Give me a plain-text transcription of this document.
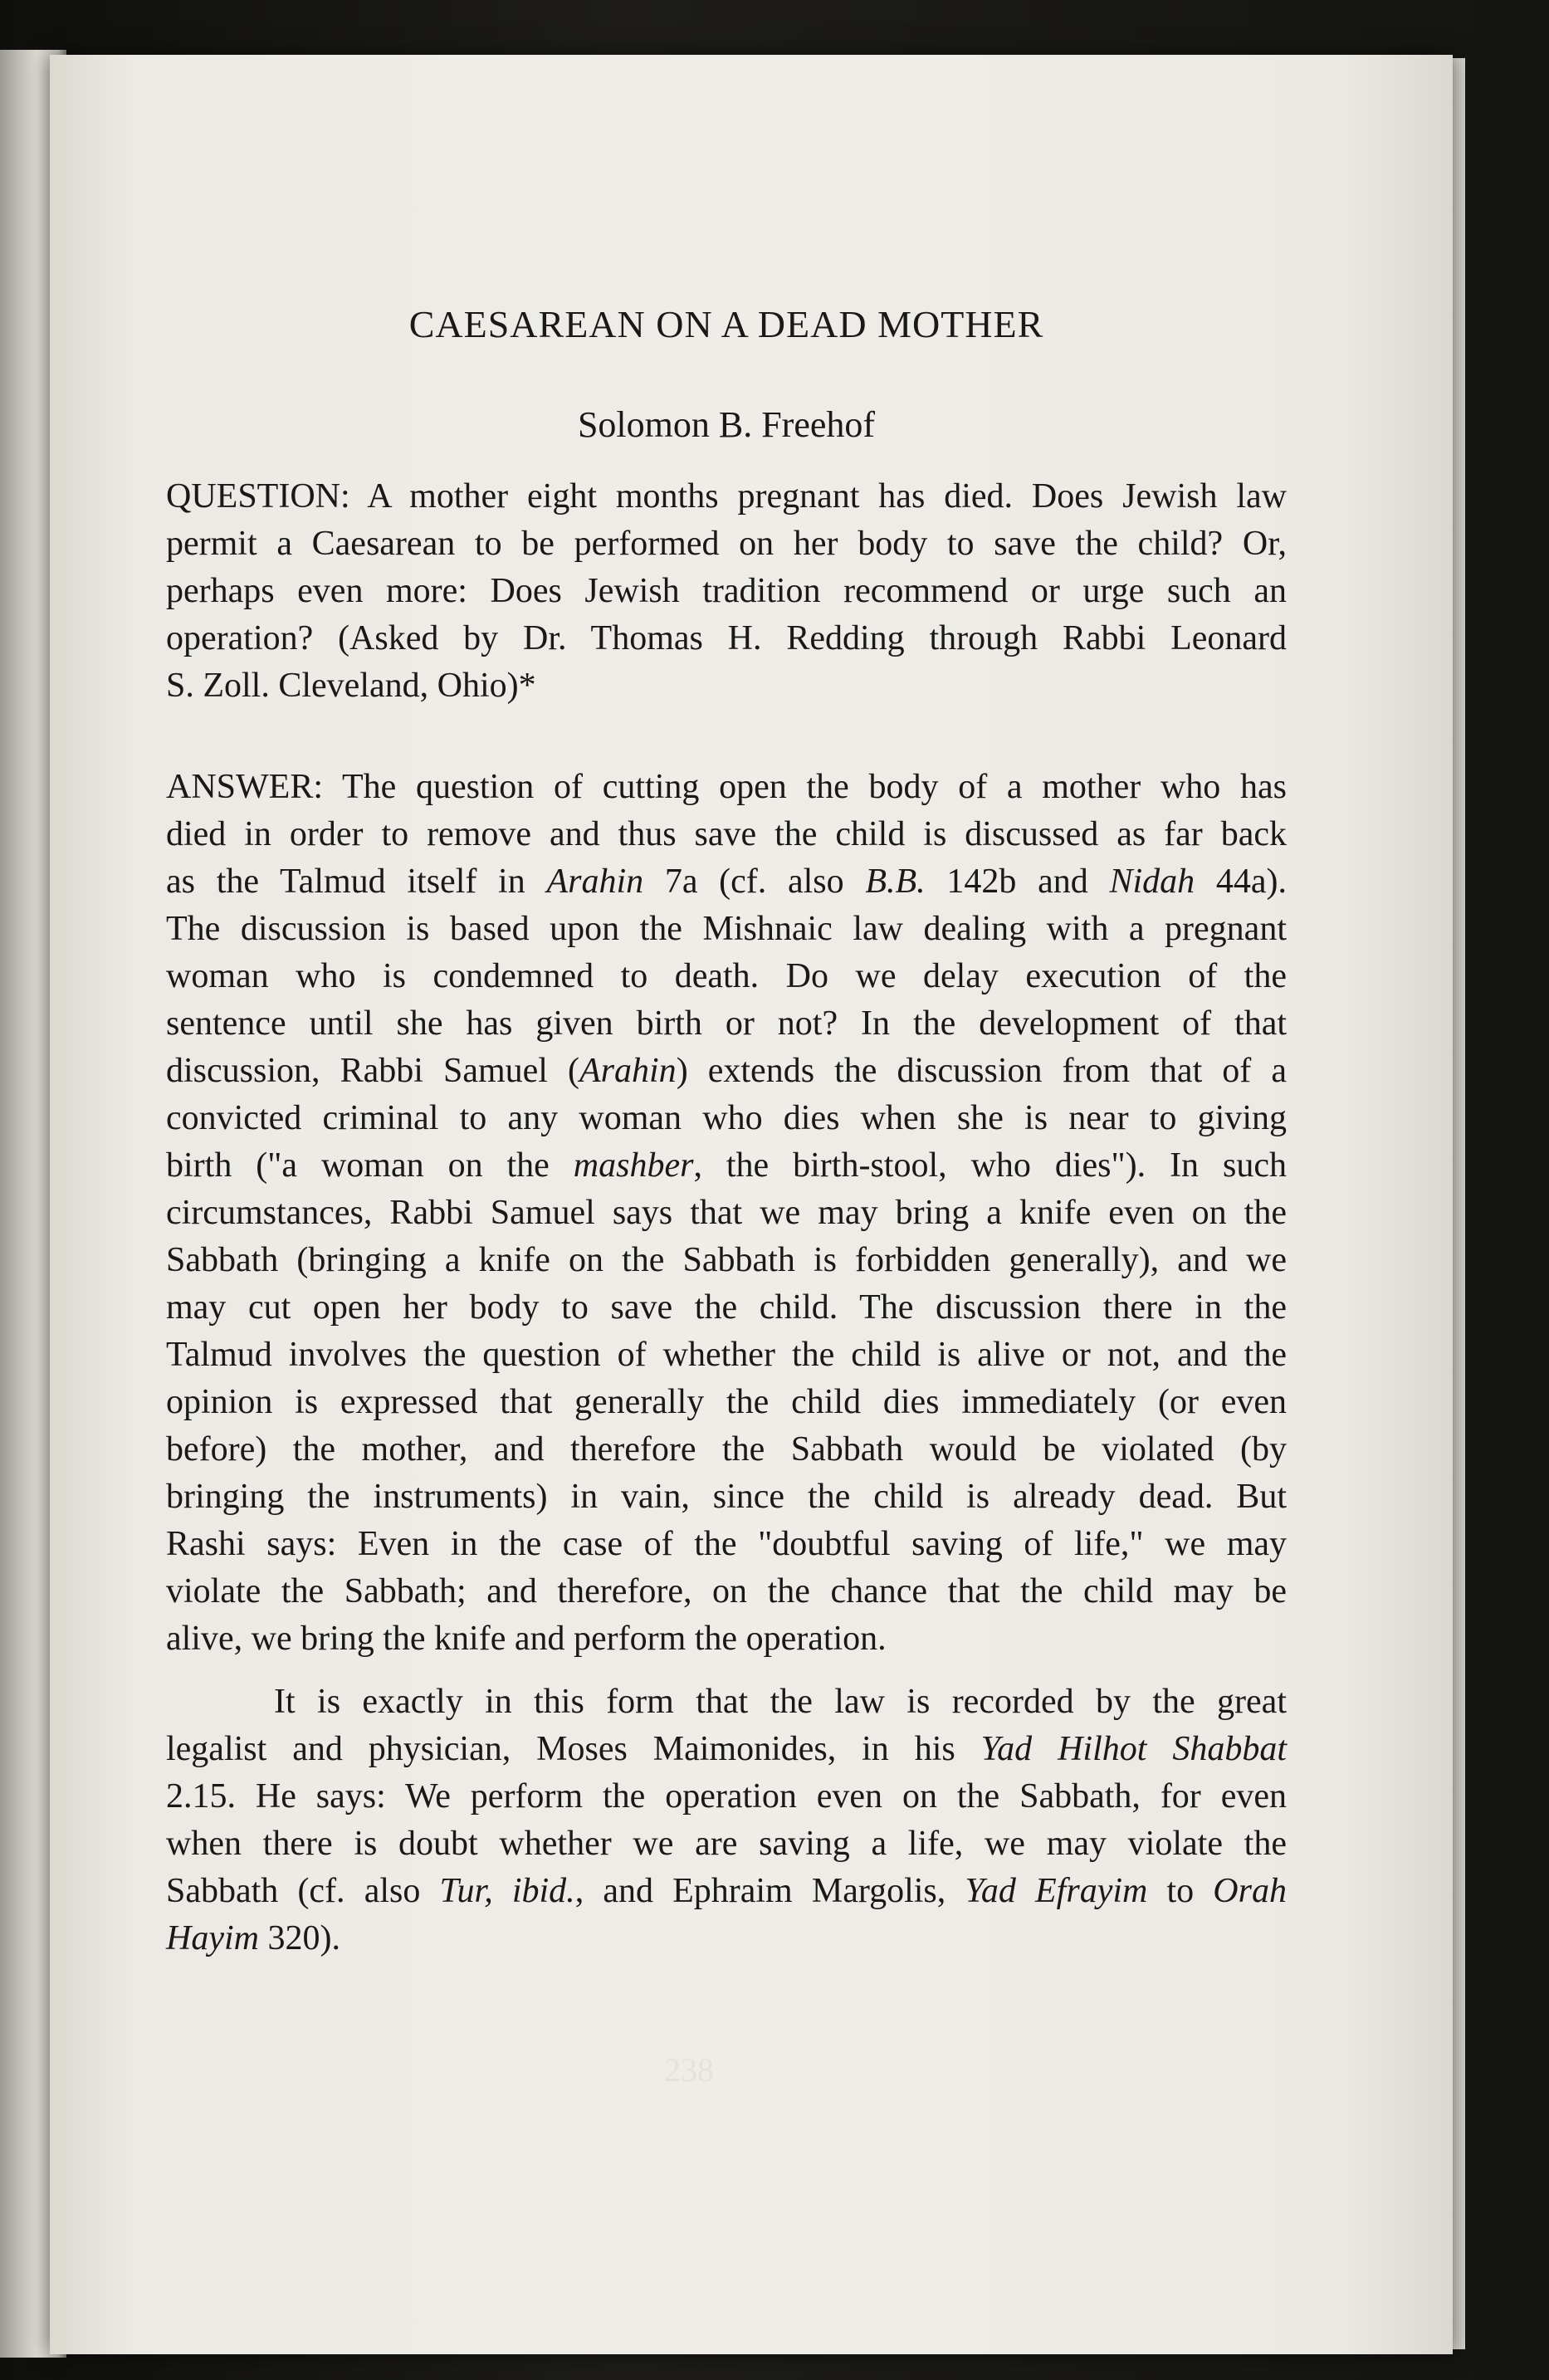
238
CAESAREAN ON A DEAD MOTHER
Solomon B. Freehof
QUESTION: A mother eight months pregnant has died. Does Jewish law
permit a Caesarean to be performed on her body to save the child? Or,
perhaps even more: Does Jewish tradition recommend or urge such an
operation? (Asked by Dr. Thomas H. Redding through Rabbi Leonard
S. Zoll. Cleveland, Ohio)*
ANSWER: The question of cutting open the body of a mother who has
died in order to remove and thus save the child is discussed as far back
as the Talmud itself in Arahin 7a (cf. also B.B. 142b and Nidah 44a).
The discussion is based upon the Mishnaic law dealing with a pregnant
woman who is condemned to death. Do we delay execution of the
sentence until she has given birth or not? In the development of that
discussion, Rabbi Samuel (Arahin) extends the discussion from that of a
convicted criminal to any woman who dies when she is near to giving
birth ("a woman on the mashber, the birth-stool, who dies"). In such
circumstances, Rabbi Samuel says that we may bring a knife even on the
Sabbath (bringing a knife on the Sabbath is forbidden generally), and we
may cut open her body to save the child. The discussion there in the
Talmud involves the question of whether the child is alive or not, and the
opinion is expressed that generally the child dies immediately (or even
before) the mother, and therefore the Sabbath would be violated (by
bringing the instruments) in vain, since the child is already dead. But
Rashi says: Even in the case of the "doubtful saving of life," we may
violate the Sabbath; and therefore, on the chance that the child may be
alive, we bring the knife and perform the operation.
It is exactly in this form that the law is recorded by the great
legalist and physician, Moses Maimonides, in his Yad Hilhot Shabbat
2.15. He says: We perform the operation even on the Sabbath, for even
when there is doubt whether we are saving a life, we may violate the
Sabbath (cf. also Tur, ibid., and Ephraim Margolis, Yad Efrayim to Orah
Hayim 320).
